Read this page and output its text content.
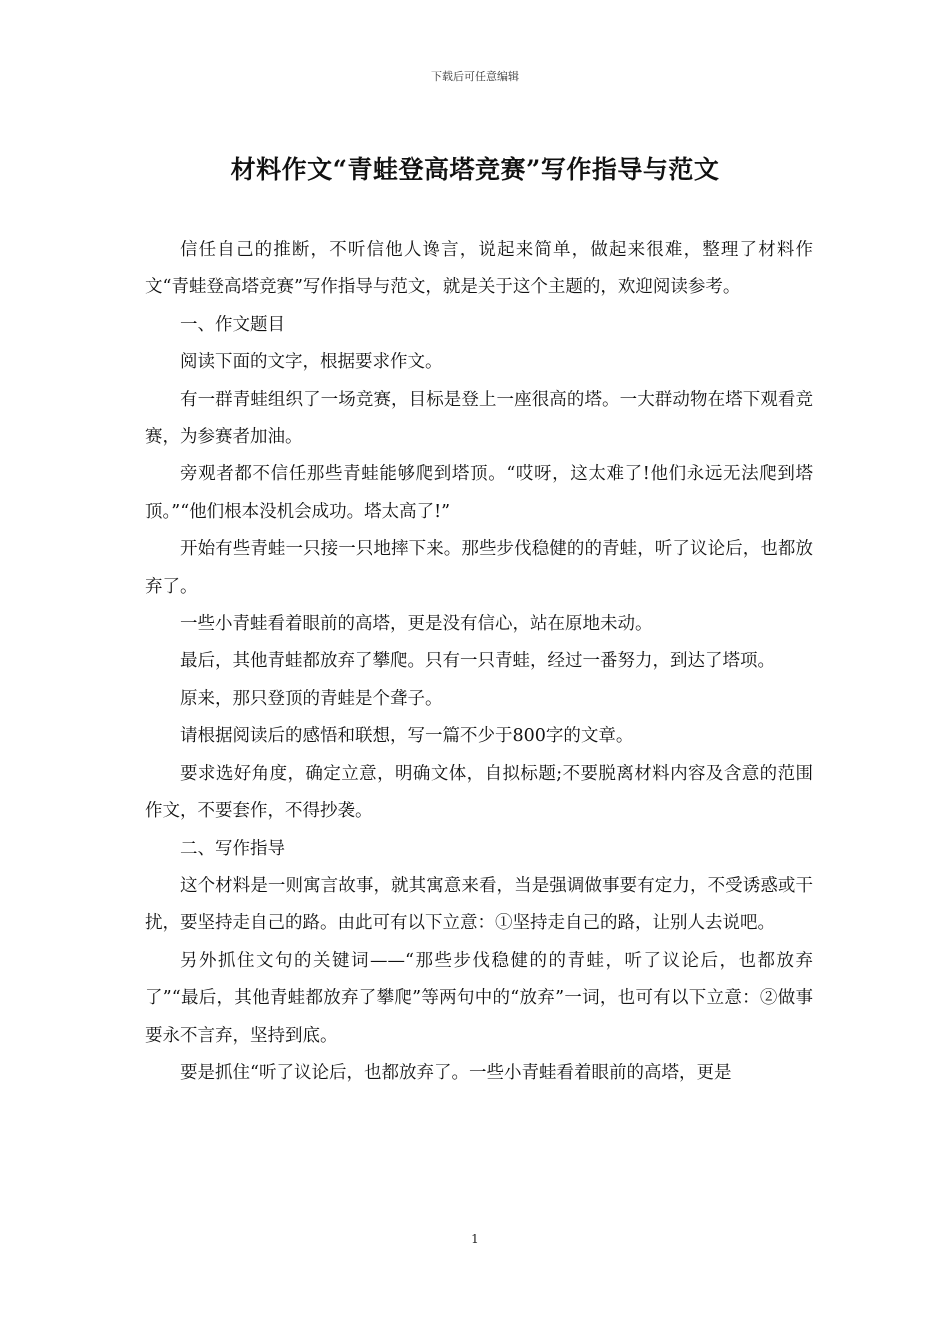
下载后可任意编辑
材料作文“青蛙登高塔竞赛”写作指导与范文

信任自己的推断，不听信他人谗言，说起来简单，做起来很难，整理了材料作文“青蛙登高塔竞赛”写作指导与范文，就是关于这个主题的，欢迎阅读参考。

一、作文题目

阅读下面的文字，根据要求作文。

有一群青蛙组织了一场竞赛，目标是登上一座很高的塔。一大群动物在塔下观看竞赛，为参赛者加油。

旁观者都不信任那些青蛙能够爬到塔顶。“哎呀，这太难了!他们永远无法爬到塔顶。”“他们根本没机会成功。塔太高了!”

开始有些青蛙一只接一只地摔下来。那些步伐稳健的的青蛙，听了议论后，也都放弃了。

一些小青蛙看着眼前的高塔，更是没有信心，站在原地未动。

最后，其他青蛙都放弃了攀爬。只有一只青蛙，经过一番努力，到达了塔项。

原来，那只登顶的青蛙是个聋子。

请根据阅读后的感悟和联想，写一篇不少于800字的文章。

要求选好角度，确定立意，明确文体，自拟标题;不要脱离材料内容及含意的范围作文，不要套作，不得抄袭。

二、写作指导

这个材料是一则寓言故事，就其寓意来看，当是强调做事要有定力，不受诱惑或干扰，要坚持走自己的路。由此可有以下立意：①坚持走自己的路，让别人去说吧。

另外抓住文句的关键词——“那些步伐稳健的的青蛙，听了议论后，也都放弃了”“最后，其他青蛙都放弃了攀爬”等两句中的“放弃”一词，也可有以下立意：②做事要永不言弃，坚持到底。

要是抓住“听了议论后，也都放弃了。一些小青蛙看着眼前的高塔，更是

1
